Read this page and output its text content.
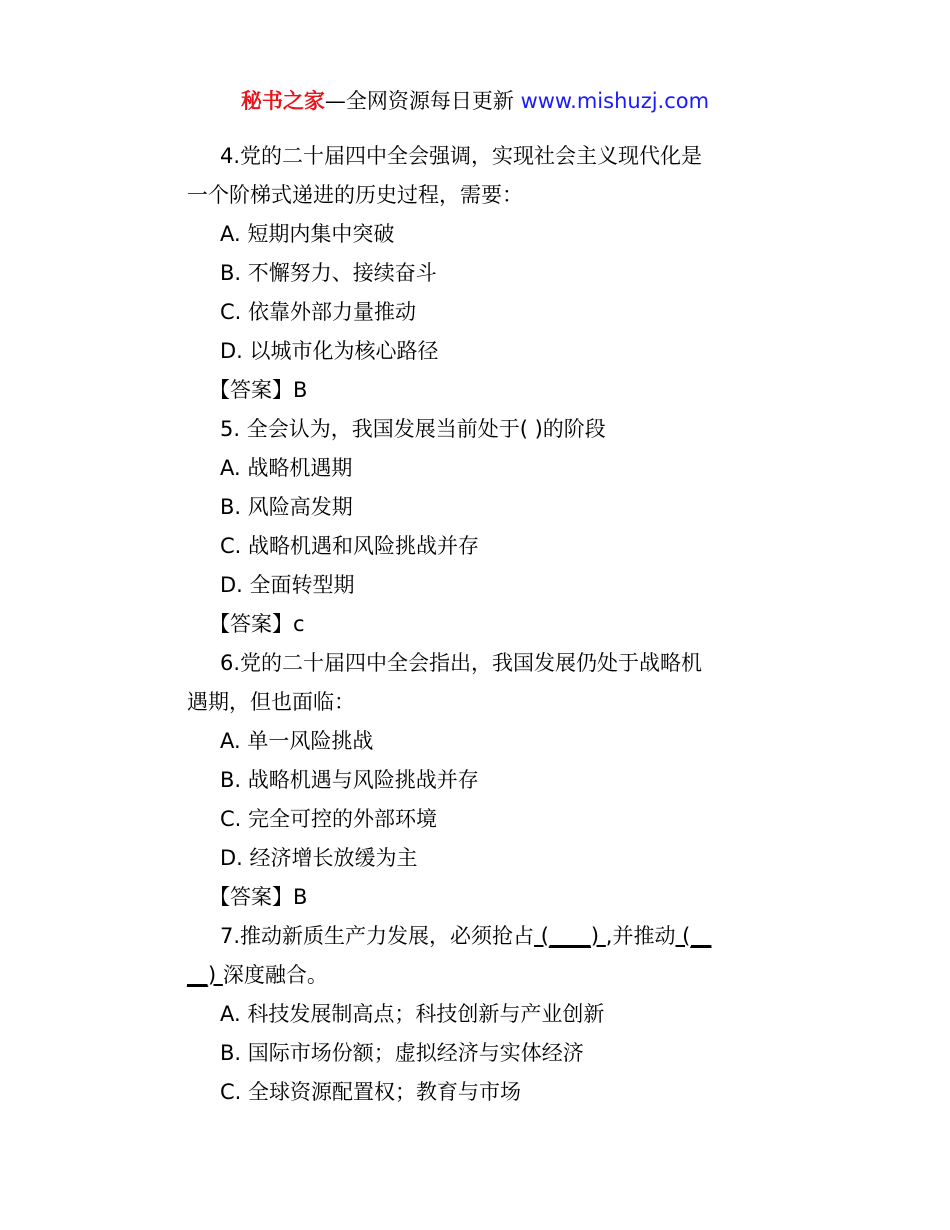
秘书之家—全网资源每日更新 www.mishuzj.com
4.党的二十届四中全会强调，实现社会主义现代化是
一个阶梯式递进的历史过程，需要：
A. 短期内集中突破
B. 不懈努力、接续奋斗
C. 依靠外部力量推动
D. 以城市化为核心路径
【答案】B
5. 全会认为，我国发展当前处于( )的阶段
A. 战略机遇期
B. 风险高发期
C. 战略机遇和风险挑战并存
D. 全面转型期
【答案】c
6.党的二十届四中全会指出，我国发展仍处于战略机
遇期，但也面临：
A. 单一风险挑战
B. 战略机遇与风险挑战并存
C. 完全可控的外部环境
D. 经济增长放缓为主
【答案】B
7.推动新质生产力发展，必须抢占 (____) ,并推动 (__
__) 深度融合。
A. 科技发展制高点；科技创新与产业创新
B. 国际市场份额；虚拟经济与实体经济
C. 全球资源配置权；教育与市场
